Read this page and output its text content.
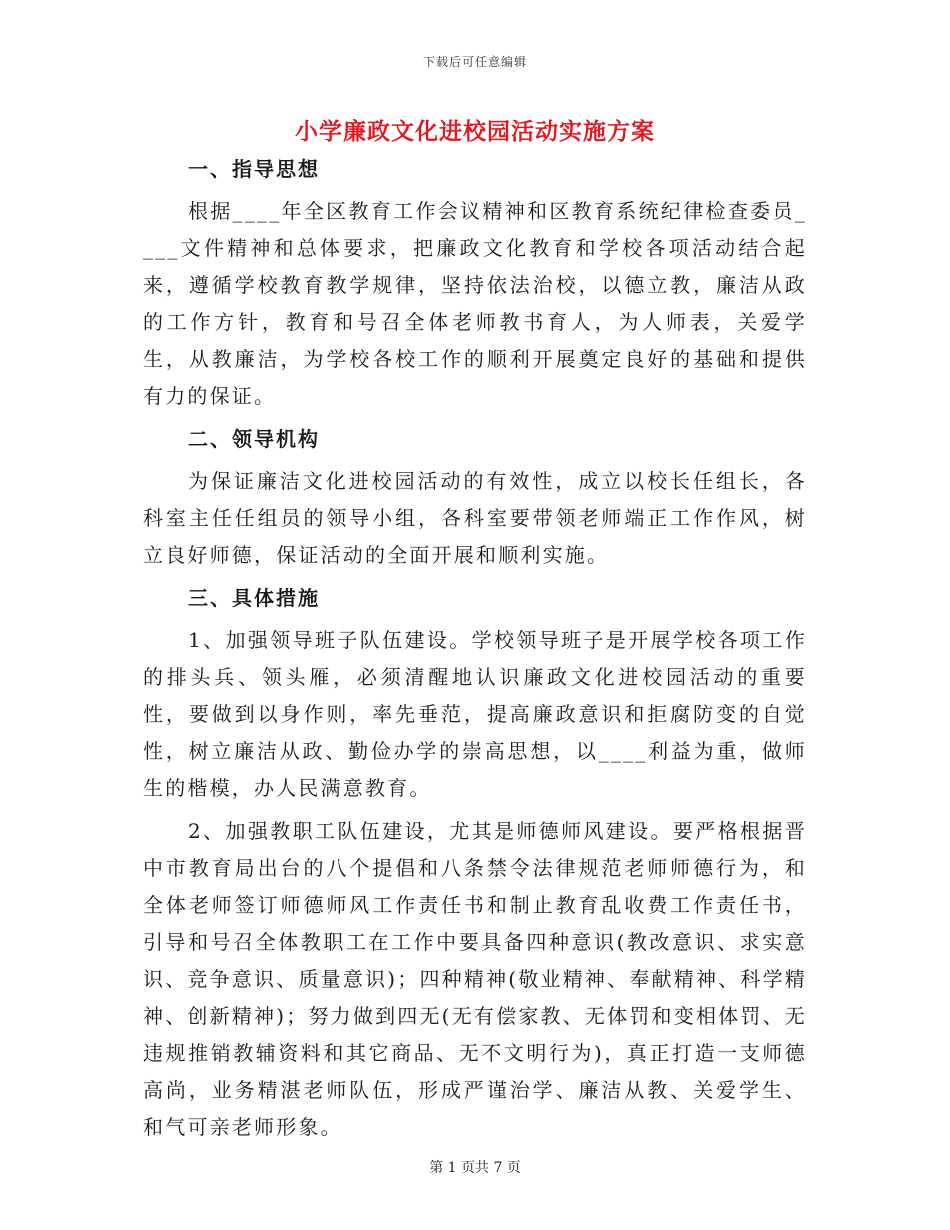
下载后可任意编辑
小学廉政文化进校园活动实施方案

一、指导思想

根据____年全区教育工作会议精神和区教育系统纪律检查委员____文件精神和总体要求，把廉政文化教育和学校各项活动结合起来，遵循学校教育教学规律，坚持依法治校，以德立教，廉洁从政的工作方针，教育和号召全体老师教书育人，为人师表，关爱学生，从教廉洁，为学校各校工作的顺利开展奠定良好的基础和提供有力的保证。

二、领导机构

为保证廉洁文化进校园活动的有效性，成立以校长任组长，各科室主任任组员的领导小组，各科室要带领老师端正工作作风，树立良好师德，保证活动的全面开展和顺利实施。

三、具体措施

1、加强领导班子队伍建设。学校领导班子是开展学校各项工作的排头兵、领头雁，必须清醒地认识廉政文化进校园活动的重要性，要做到以身作则，率先垂范，提高廉政意识和拒腐防变的自觉性，树立廉洁从政、勤俭办学的崇高思想，以____利益为重，做师生的楷模，办人民满意教育。

2、加强教职工队伍建设，尤其是师德师风建设。要严格根据晋中市教育局出台的八个提倡和八条禁令法律规范老师师德行为，和全体老师签订师德师风工作责任书和制止教育乱收费工作责任书，引导和号召全体教职工在工作中要具备四种意识(教改意识、求实意识、竞争意识、质量意识)；四种精神(敬业精神、奉献精神、科学精神、创新精神)；努力做到四无(无有偿家教、无体罚和变相体罚、无违规推销教辅资料和其它商品、无不文明行为)，真正打造一支师德高尚，业务精湛老师队伍，形成严谨治学、廉洁从教、关爱学生、和气可亲老师形象。

第 1 页共 7 页
